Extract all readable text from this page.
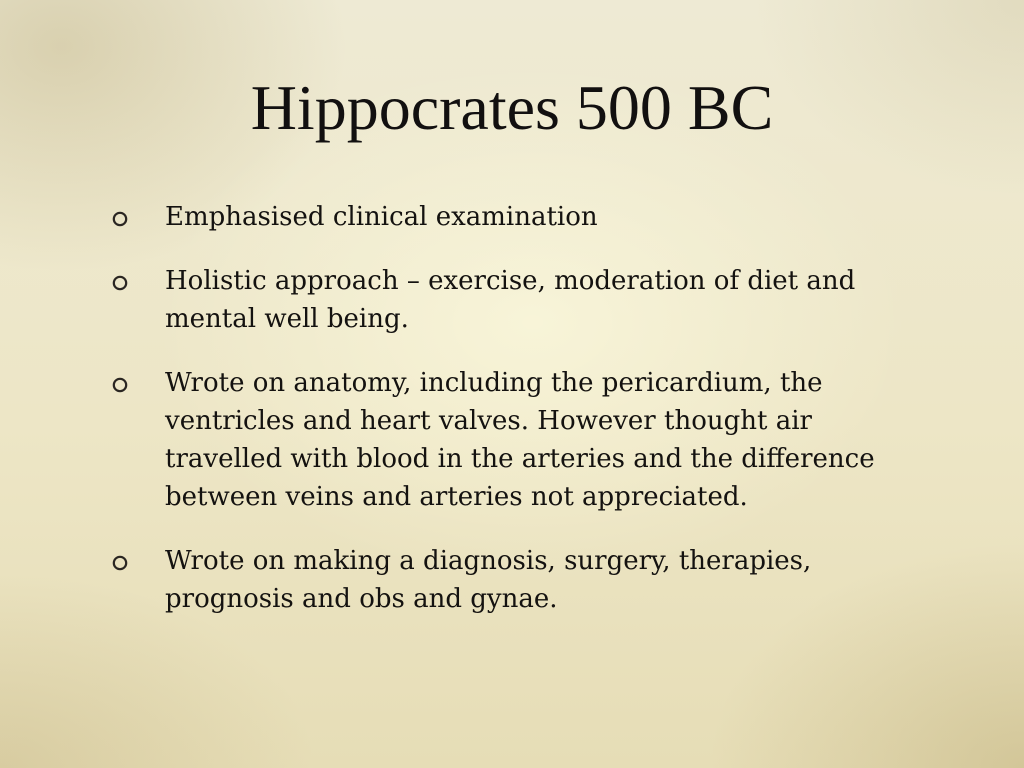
Hippocrates 500 BC
Emphasised clinical examination
Holistic approach – exercise, moderation of diet and mental well being.
Wrote on anatomy, including the pericardium, the ventricles and heart valves. However thought air travelled with blood in the arteries and the difference between veins and arteries not appreciated.
Wrote on making a diagnosis, surgery, therapies, prognosis and obs and gynae.
